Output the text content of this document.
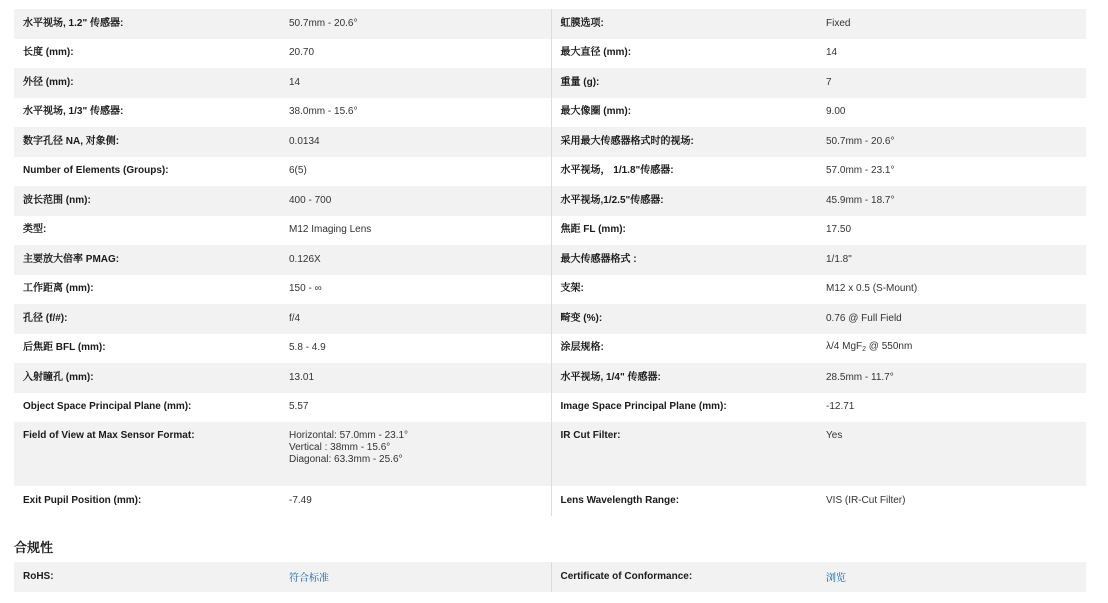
水平视场, 1.2" 传感器:	50.7mm - 20.6°	虹膜选项:	Fixed
长度 (mm):	20.70	最大直径 (mm):	14
外径 (mm):	14	重量 (g):	7
水平视场, 1/3" 传感器:	38.0mm - 15.6°	最大像圈 (mm):	9.00
数字孔径 NA, 对象侧:	0.0134	采用最大传感器格式时的视场:	50.7mm - 20.6°
Number of Elements (Groups):	6(5)	水平视场， 1/1.8"传感器:	57.0mm - 23.1°
波长范围 (nm):	400 - 700	水平视场,1/2.5"传感器:	45.9mm - 18.7°
类型:	M12 Imaging Lens	焦距 FL (mm):	17.50
主要放大倍率 PMAG:	0.126X	最大传感器格式 :	1/1.8"
工作距离 (mm):	150 - ∞	支架:	M12 x 0.5 (S-Mount)
孔径 (f/#):	f/4	畸变 (%):	0.76 @ Full Field
后焦距 BFL (mm):	5.8 - 4.9	涂层规格:	λ/4 MgF$_2$ @ 550nm
入射瞳孔 (mm):	13.01	水平视场, 1/4" 传感器:	28.5mm - 11.7°
Object Space Principal Plane (mm):	5.57	Image Space Principal Plane (mm):	-12.71
Field of View at Max Sensor Format:	Horizontal: 57.0mm - 23.1°
Vertical : 38mm - 15.6°
Diagonal: 63.3mm - 25.6°	IR Cut Filter:	Yes
Exit Pupil Position (mm):	-7.49	Lens Wavelength Range:	VIS (IR-Cut Filter)
合规性
RoHS:	符合标准	Certificate of Conformance:	浏览
